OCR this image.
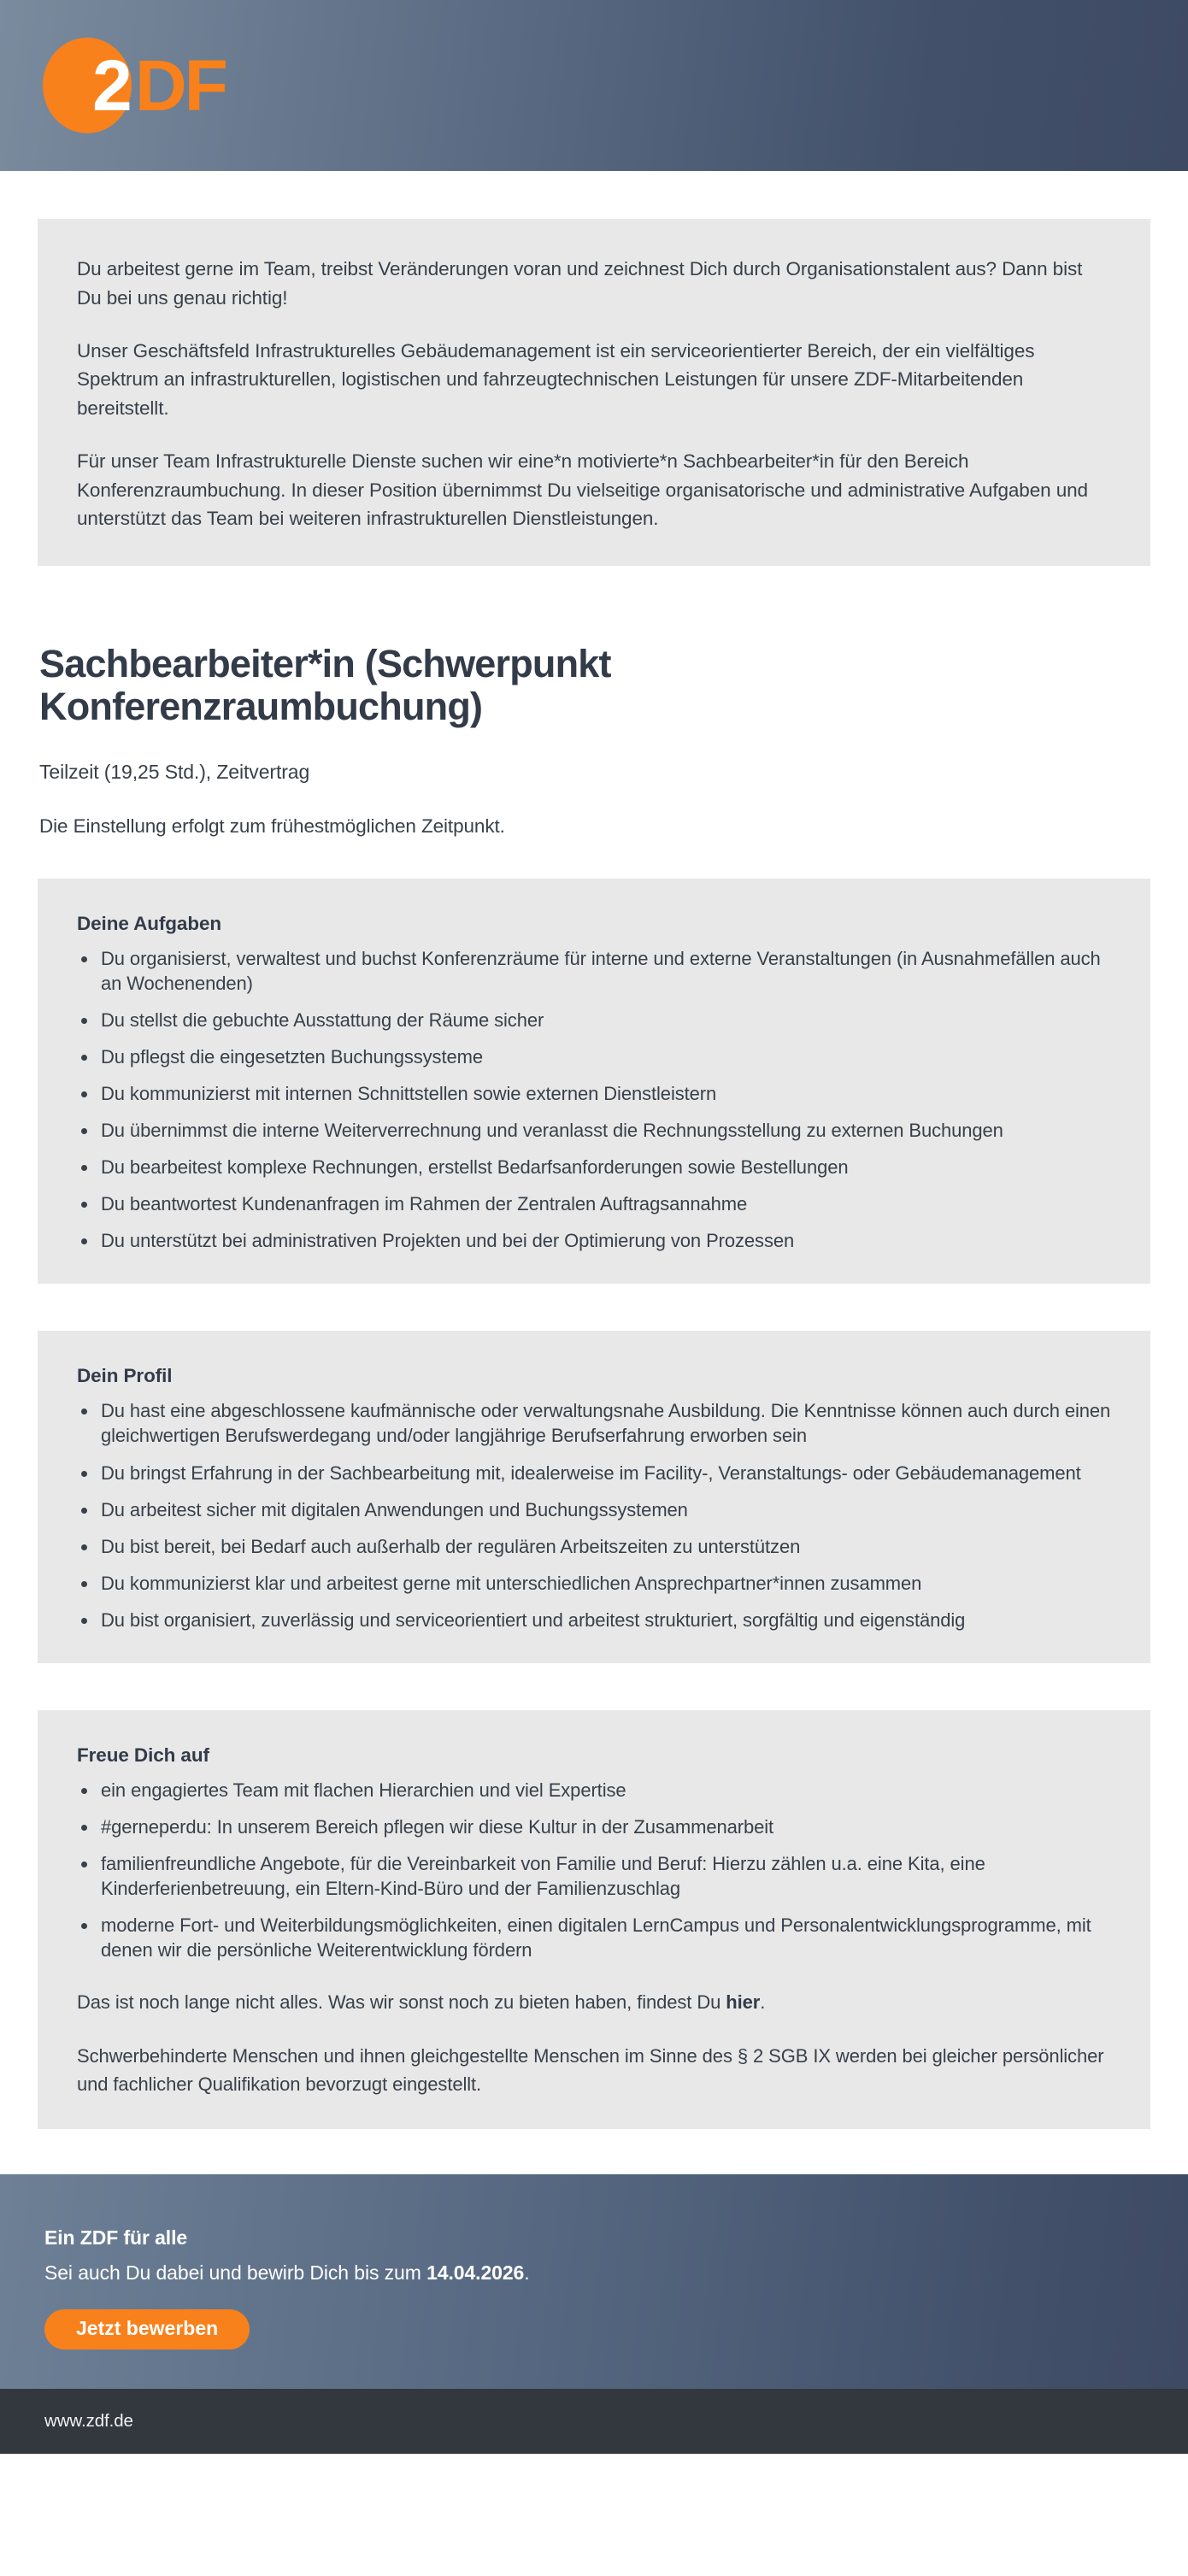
2 DF

Du arbeitest gerne im Team, treibst Veränderungen voran und zeichnest Dich durch Organisationstalent aus? Dann bist Du bei uns genau richtig!

Unser Geschäftsfeld Infrastrukturelles Gebäudemanagement ist ein serviceorientierter Bereich, der ein vielfältiges Spektrum an infrastrukturellen, logistischen und fahrzeugtechnischen Leistungen für unsere ZDF-Mitarbeitenden bereitstellt.

Für unser Team Infrastrukturelle Dienste suchen wir eine*n motivierte*n Sachbearbeiter*in für den Bereich Konferenzraumbuchung. In dieser Position übernimmst Du vielseitige organisatorische und administrative Aufgaben und unterstützt das Team bei weiteren infrastrukturellen Dienstleistungen.

Sachbearbeiter*in (Schwerpunkt Konferenzraumbuchung)
Teilzeit (19,25 Std.), Zeitvertrag
Die Einstellung erfolgt zum frühestmöglichen Zeitpunkt.
Deine Aufgaben
• Du organisierst, verwaltest und buchst Konferenzräume für interne und externe Veranstaltungen (in Ausnahmefällen auch an Wochenenden)
• Du stellst die gebuchte Ausstattung der Räume sicher
• Du pflegst die eingesetzten Buchungssysteme
• Du kommunizierst mit internen Schnittstellen sowie externen Dienstleistern
• Du übernimmst die interne Weiterverrechnung und veranlasst die Rechnungsstellung zu externen Buchungen
• Du bearbeitest komplexe Rechnungen, erstellst Bedarfsanforderungen sowie Bestellungen
• Du beantwortest Kundenanfragen im Rahmen der Zentralen Auftragsannahme
• Du unterstützt bei administrativen Projekten und bei der Optimierung von Prozessen
Dein Profil
• Du hast eine abgeschlossene kaufmännische oder verwaltungsnahe Ausbildung. Die Kenntnisse können auch durch einen gleichwertigen Berufswerdegang und/oder langjährige Berufserfahrung erworben sein
• Du bringst Erfahrung in der Sachbearbeitung mit, idealerweise im Facility-, Veranstaltungs- oder Gebäudemanagement
• Du arbeitest sicher mit digitalen Anwendungen und Buchungssystemen
• Du bist bereit, bei Bedarf auch außerhalb der regulären Arbeitszeiten zu unterstützen
• Du kommunizierst klar und arbeitest gerne mit unterschiedlichen Ansprechpartner*innen zusammen
• Du bist organisiert, zuverlässig und serviceorientiert und arbeitest strukturiert, sorgfältig und eigenständig
Freue Dich auf
• ein engagiertes Team mit flachen Hierarchien und viel Expertise
• #gerneperdu: In unserem Bereich pflegen wir diese Kultur in der Zusammenarbeit
• familienfreundliche Angebote, für die Vereinbarkeit von Familie und Beruf: Hierzu zählen u.a. eine Kita, eine Kinderferienbetreuung, ein Eltern-Kind-Büro und der Familienzuschlag
• moderne Fort- und Weiterbildungsmöglichkeiten, einen digitalen LernCampus und Personalentwicklungsprogramme, mit denen wir die persönliche Weiterentwicklung fördern

Das ist noch lange nicht alles. Was wir sonst noch zu bieten haben, findest Du hier.

Schwerbehinderte Menschen und ihnen gleichgestellte Menschen im Sinne des § 2 SGB IX werden bei gleicher persönlicher und fachlicher Qualifikation bevorzugt eingestellt.

Ein ZDF für alle

Sei auch Du dabei und bewirb Dich bis zum 14.04.2026.

Jetzt bewerben
www.zdf.de
